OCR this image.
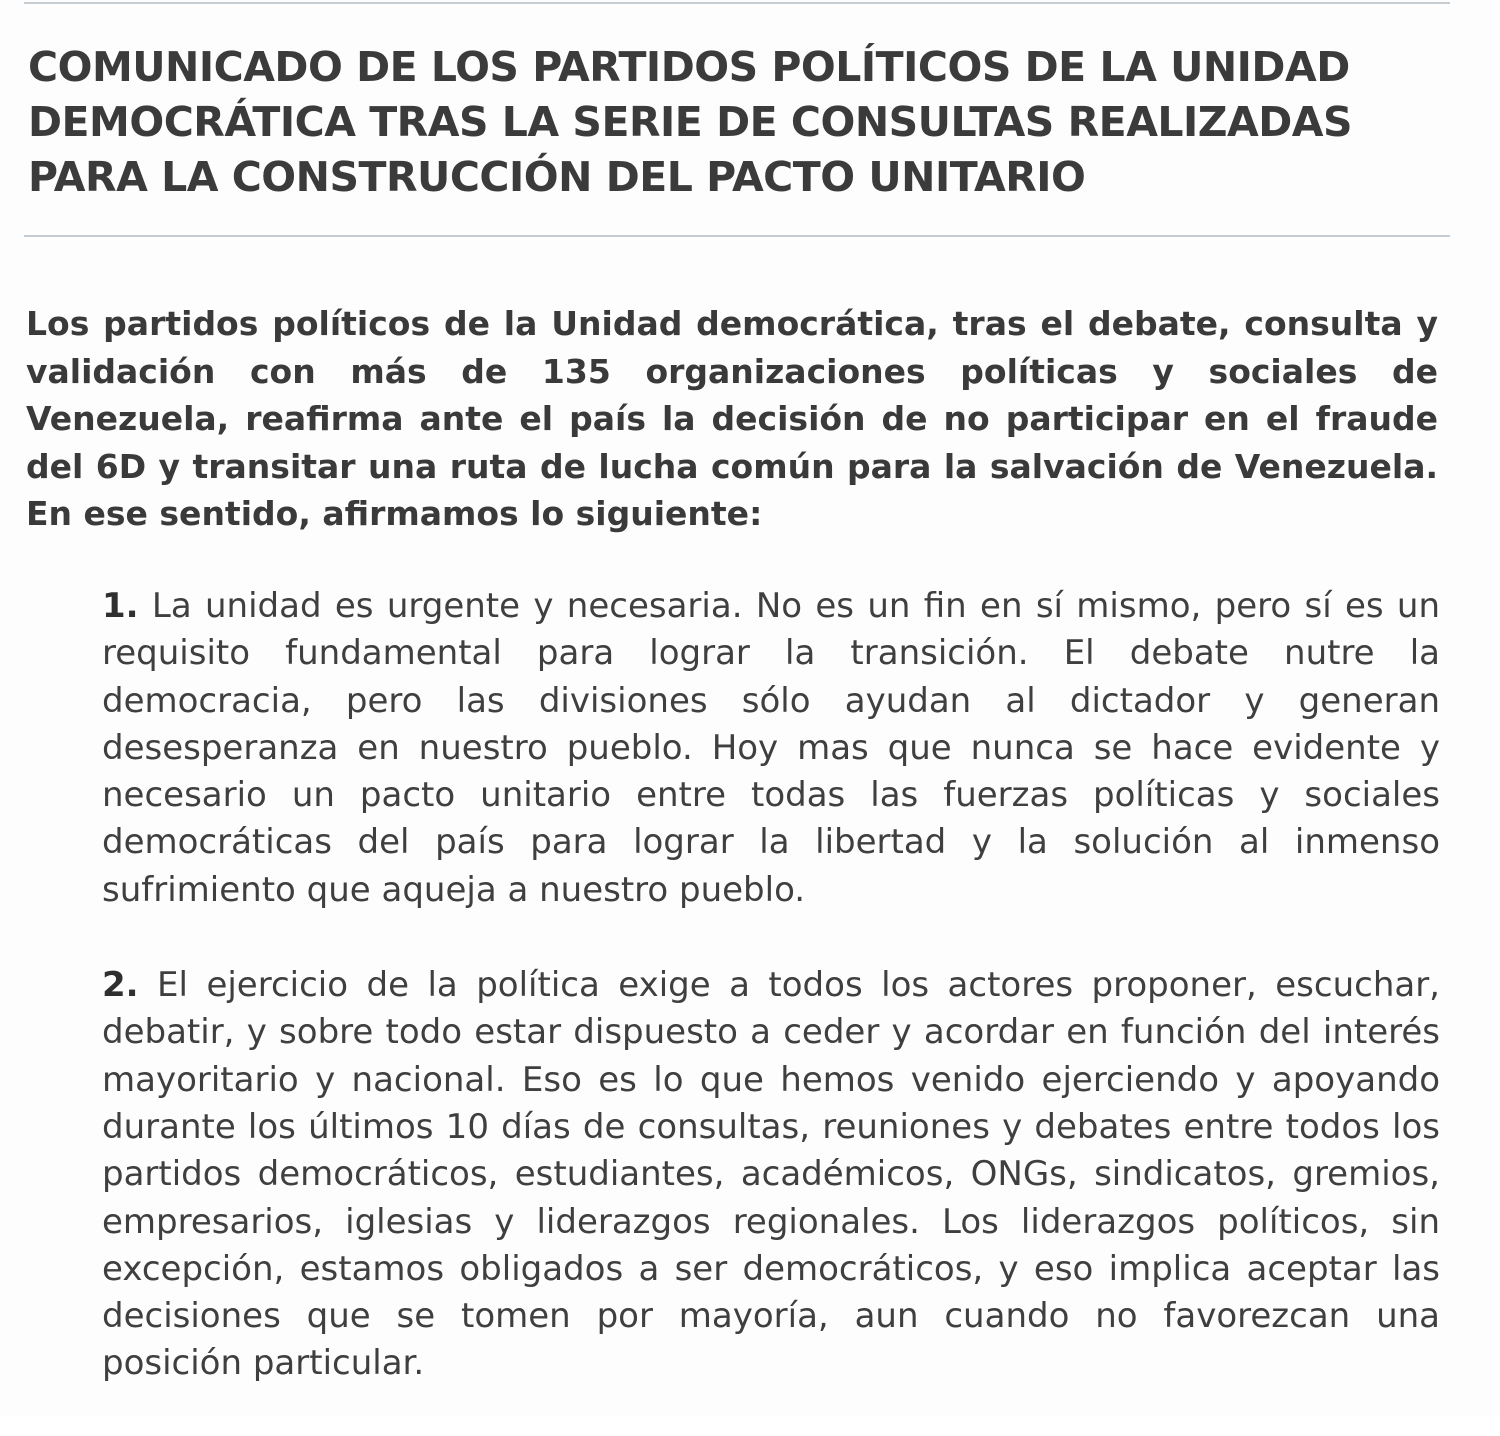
COMUNICADO DE LOS PARTIDOS POLÍTICOS DE LA UNIDAD DEMOCRÁTICA TRAS LA SERIE DE CONSULTAS REALIZADAS PARA LA CONSTRUCCIÓN DEL PACTO UNITARIO

Los partidos políticos de la Unidad democrática, tras el debate, consulta y validación con más de 135 organizaciones políticas y sociales de Venezuela, reafirma ante el país la decisión de no participar en el fraude del 6D y transitar una ruta de lucha común para la salvación de Venezuela. En ese sentido, afirmamos lo siguiente:

1. La unidad es urgente y necesaria. No es un fin en sí mismo, pero sí es un requisito fundamental para lograr la transición. El debate nutre la democracia, pero las divisiones sólo ayudan al dictador y generan desesperanza en nuestro pueblo. Hoy mas que nunca se hace evidente y necesario un pacto unitario entre todas las fuerzas políticas y sociales democráticas del país para lograr la libertad y la solución al inmenso sufrimiento que aqueja a nuestro pueblo.
2. El ejercicio de la política exige a todos los actores proponer, escuchar, debatir, y sobre todo estar dispuesto a ceder y acordar en función del interés mayoritario y nacional. Eso es lo que hemos venido ejerciendo y apoyando durante los últimos 10 días de consultas, reuniones y debates entre todos los partidos democráticos, estudiantes, académicos, ONGs, sindicatos, gremios, empresarios, iglesias y liderazgos regionales. Los liderazgos políticos, sin excepción, estamos obligados a ser democráticos, y eso implica aceptar las decisiones que se tomen por mayoría, aun cuando no favorezcan una posición particular.
